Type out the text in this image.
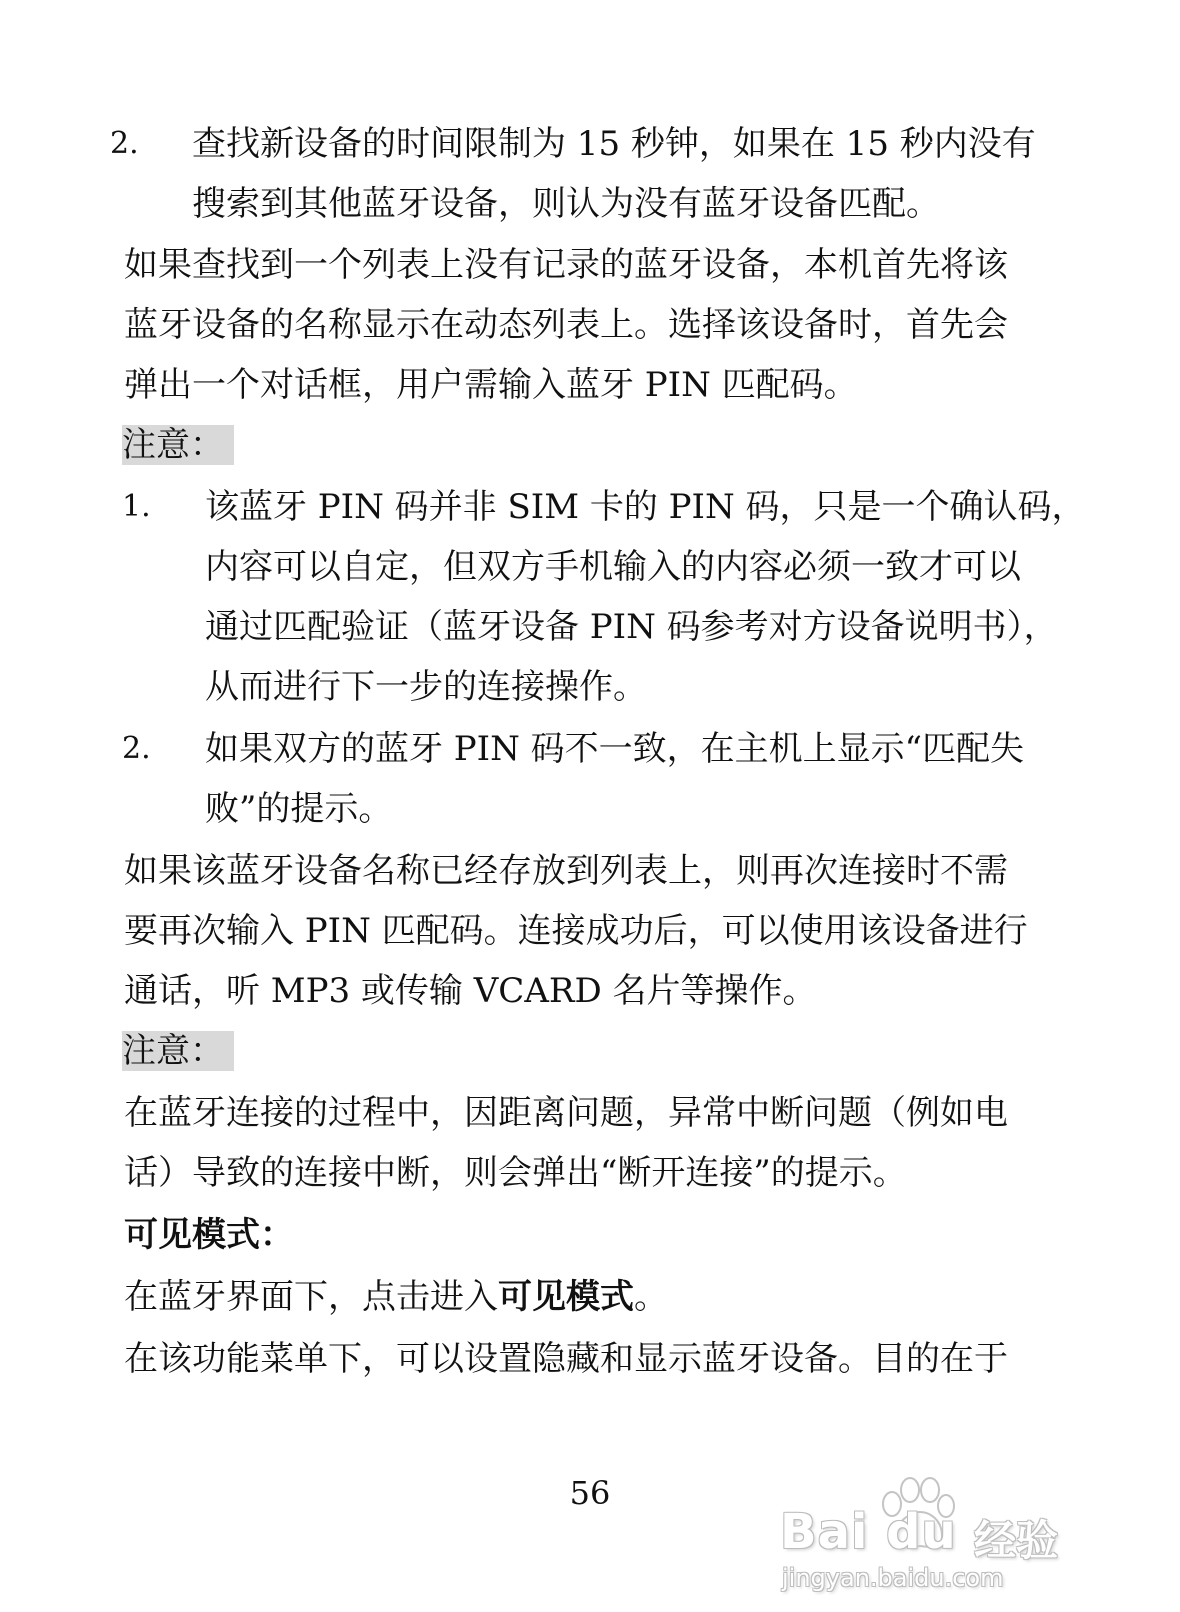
2. 查找新设备的时间限制为 15 秒钟，如果在 15 秒内没有
搜索到其他蓝牙设备，则认为没有蓝牙设备匹配。
如果查找到一个列表上没有记录的蓝牙设备，本机首先将该
蓝牙设备的名称显示在动态列表上。选择该设备时，首先会
弹出一个对话框，用户需输入蓝牙 PIN 匹配码。
注意：
1. 该蓝牙 PIN 码并非 SIM 卡的 PIN 码，只是一个确认码，
内容可以自定，但双方手机输入的内容必须一致才可以
通过匹配验证（蓝牙设备 PIN 码参考对方设备说明书），
从而进行下一步的连接操作。
2. 如果双方的蓝牙 PIN 码不一致，在主机上显示“匹配失
败”的提示。
如果该蓝牙设备名称已经存放到列表上，则再次连接时不需
要再次输入 PIN 匹配码。连接成功后，可以使用该设备进行
通话，听 MP3 或传输 VCARD 名片等操作。
注意：
在蓝牙连接的过程中，因距离问题，异常中断问题（例如电
话）导致的连接中断，则会弹出“断开连接”的提示。
可见模式：
在蓝牙界面下，点击进入可见模式。
在该功能菜单下，可以设置隐藏和显示蓝牙设备。目的在于
56
Bai du 经验
jingyan.baidu.com
